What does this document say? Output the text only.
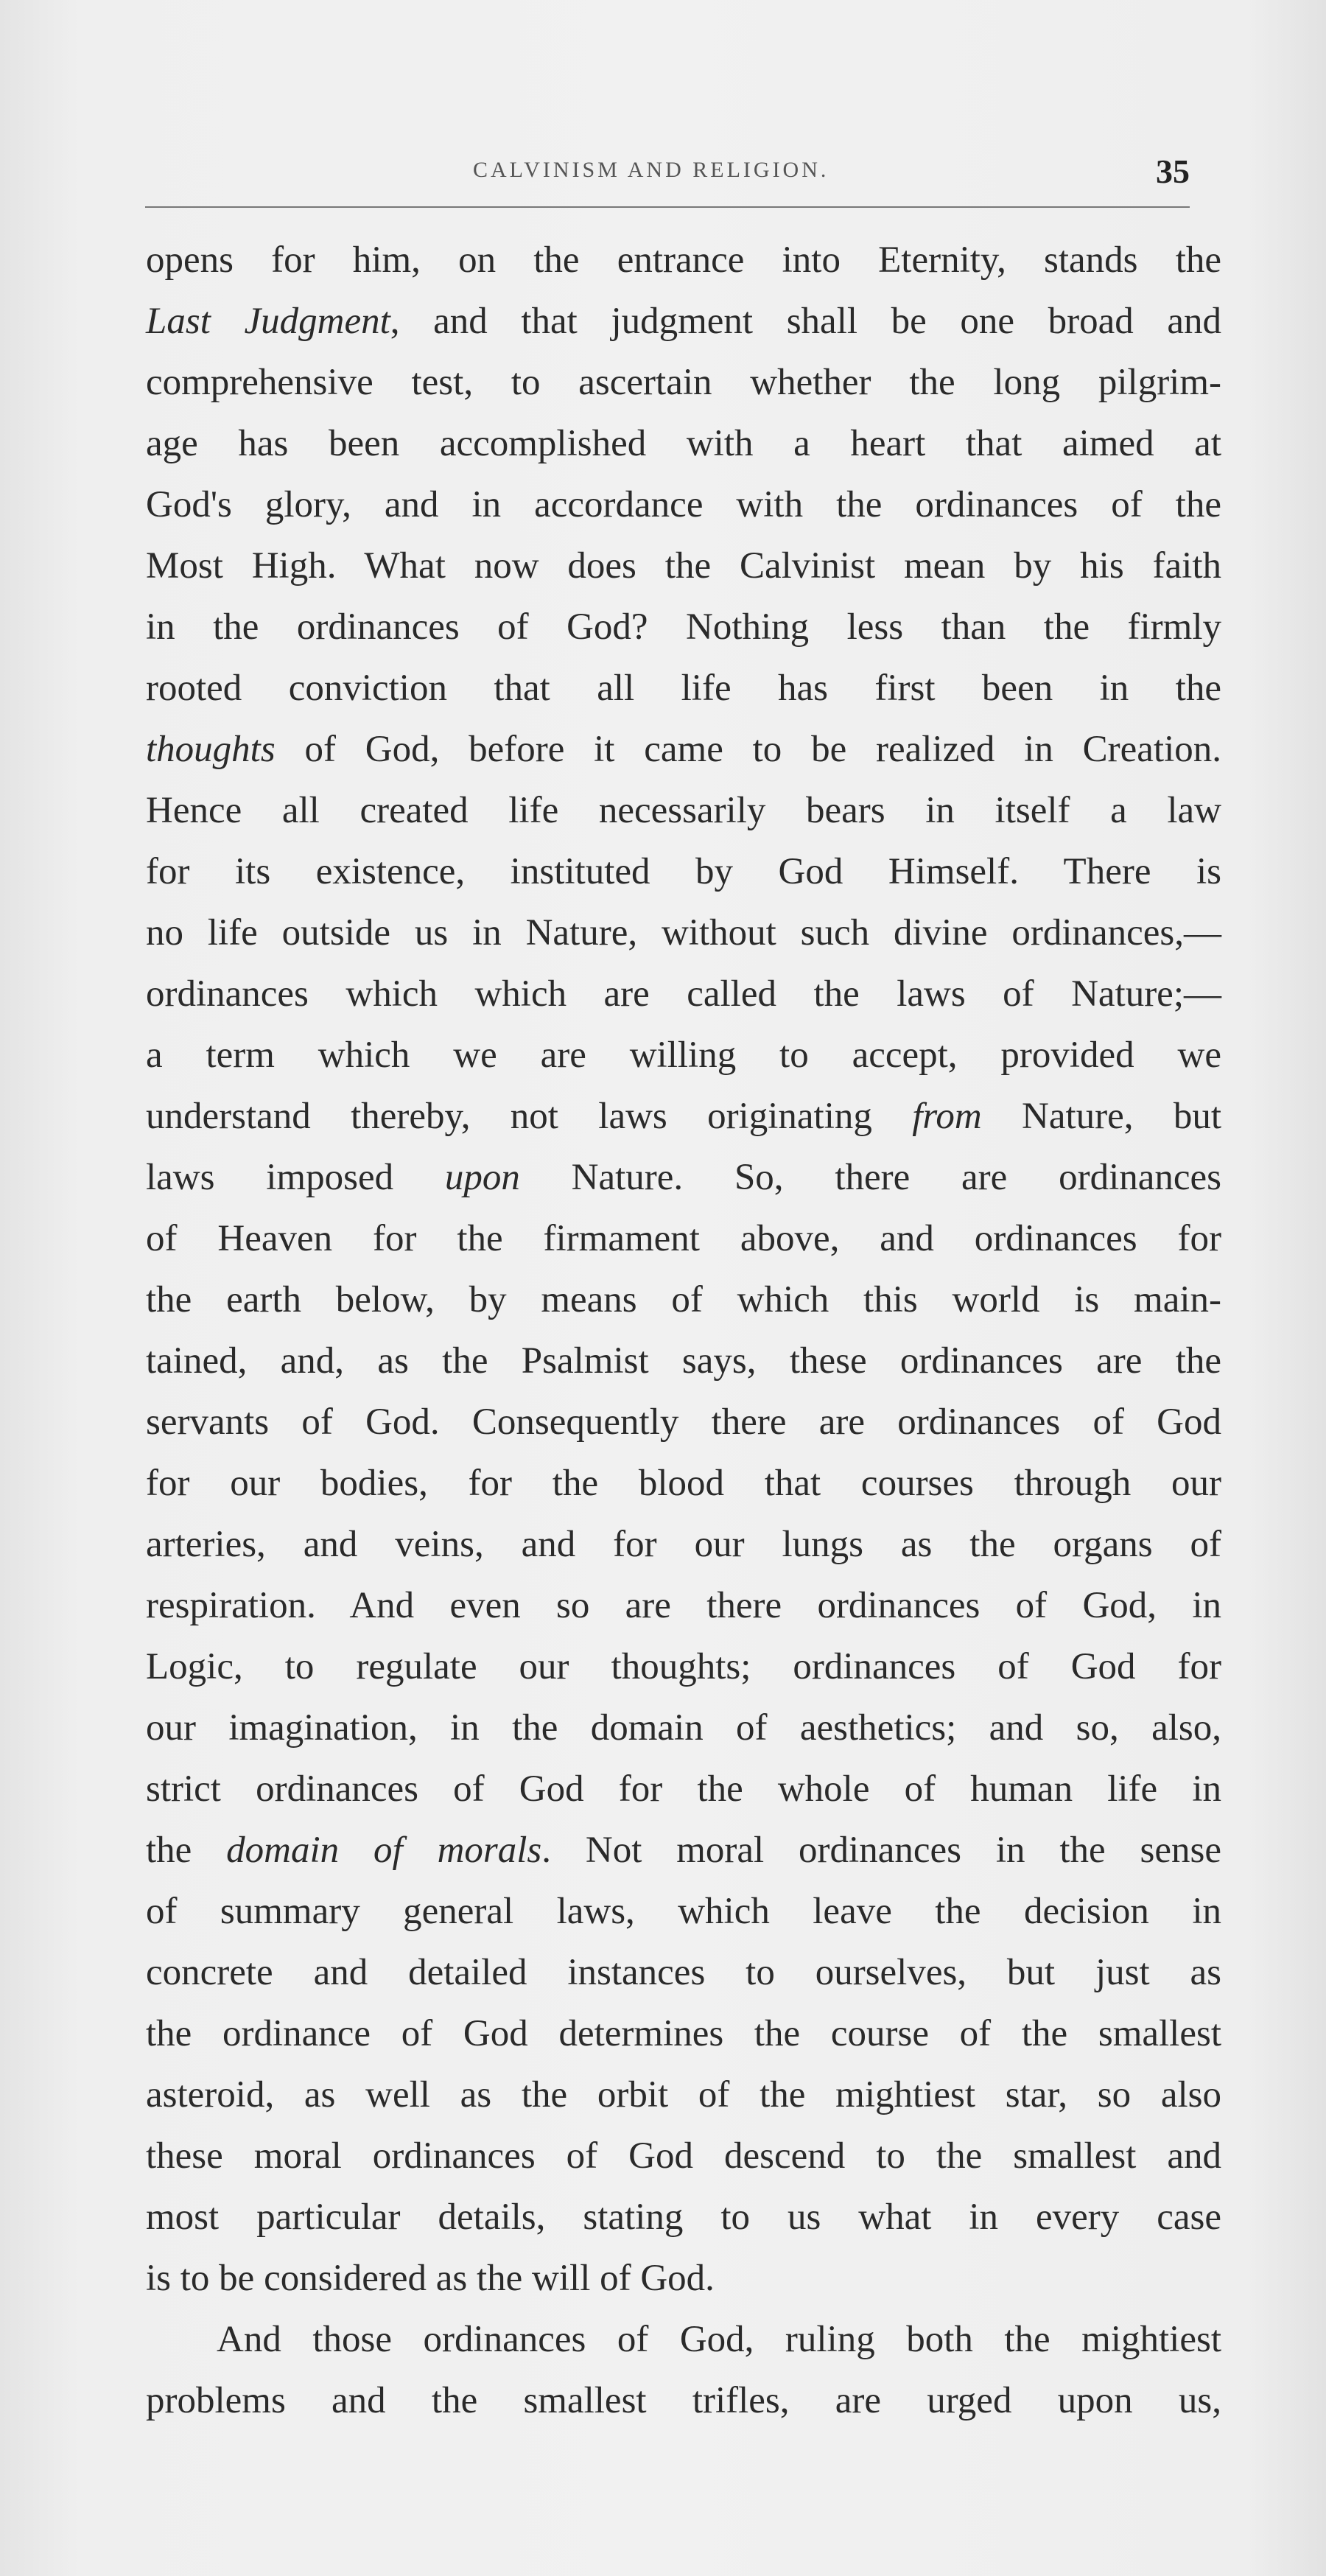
CALVINISM AND RELIGION.	35
opens for him, on the entrance into Eternity, stands the
Last Judgment, and that judgment shall be one broad and
comprehensive test, to ascertain whether the long pilgrim-
age has been accomplished with a heart that aimed at
God's glory, and in accordance with the ordinances of the
Most High. What now does the Calvinist mean by his faith
in the ordinances of God? Nothing less than the firmly
rooted conviction that all life has first been in the
thoughts of God, before it came to be realized in Creation.
Hence all created life necessarily bears in itself a law
for its existence, instituted by God Himself. There is
no life outside us in Nature, without such divine ordinances,—
ordinances which which are called the laws of Nature;—
a term which we are willing to accept, provided we
understand thereby, not laws originating from Nature, but
laws imposed upon Nature. So, there are ordinances
of Heaven for the firmament above, and ordinances for
the earth below, by means of which this world is main-
tained, and, as the Psalmist says, these ordinances are the
servants of God. Consequently there are ordinances of God
for our bodies, for the blood that courses through our
arteries, and veins, and for our lungs as the organs of
respiration. And even so are there ordinances of God, in
Logic, to regulate our thoughts; ordinances of God for
our imagination, in the domain of aesthetics; and so, also,
strict ordinances of God for the whole of human life in
the domain of morals. Not moral ordinances in the sense
of summary general laws, which leave the decision in
concrete and detailed instances to ourselves, but just as
the ordinance of God determines the course of the smallest
asteroid, as well as the orbit of the mightiest star, so also
these moral ordinances of God descend to the smallest and
most particular details, stating to us what in every case
is to be considered as the will of God.
And those ordinances of God, ruling both the mightiest
problems and the smallest trifles, are urged upon us,
